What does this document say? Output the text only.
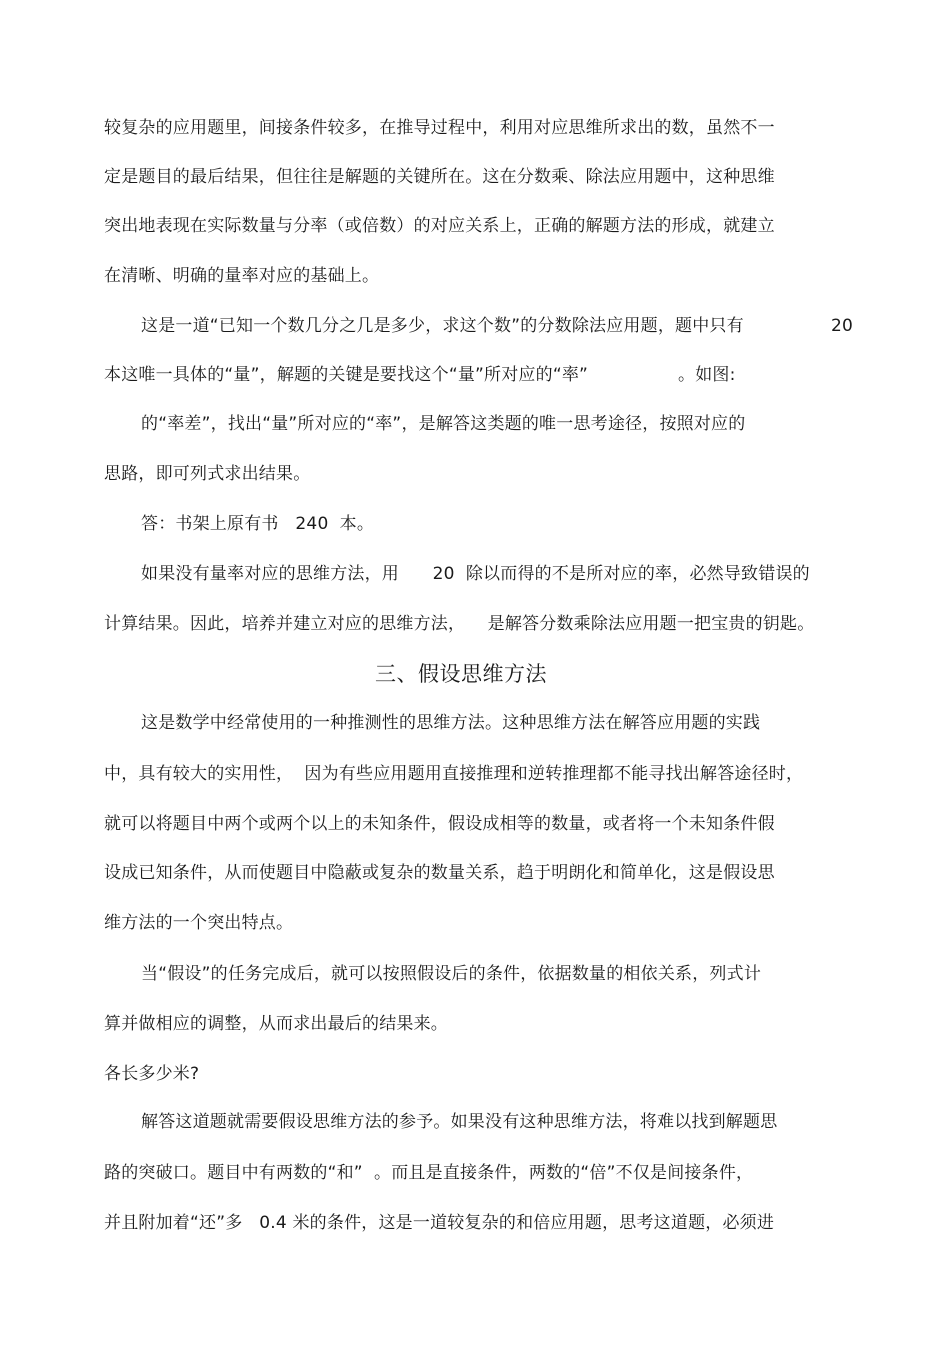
较复杂的应用题里，间接条件较多，在推导过程中，利用对应思维所求出的数，虽然不一
定是题目的最后结果，但往往是解题的关键所在。这在分数乘、除法应用题中，这种思维
突出地表现在实际数量与分率（或倍数）的对应关系上，正确的解题方法的形成，就建立
在清晰、明确的量率对应的基础上。
这是一道“已知一个数几分之几是多少，求这个数”的分数除法应用题，题中只有	20
本这唯一具体的“量”，解题的关键是要找这个“量”所对应的“率”	。如图:
的“率差”，找出“量”所对应的“率”，是解答这类题的唯一思考途径，按照对应的
思路，即可列式求出结果。
答：书架上原有书   240  本。
如果没有量率对应的思维方法，用      20  除以而得的不是所对应的率，必然导致错误的
计算结果。因此，培养并建立对应的思维方法，    是解答分数乘除法应用题一把宝贵的钥匙。
三、假设思维方法
这是数学中经常使用的一种推测性的思维方法。这种思维方法在解答应用题的实践
中，具有较大的实用性，  因为有些应用题用直接推理和逆转推理都不能寻找出解答途径时，
就可以将题目中两个或两个以上的未知条件，假设成相等的数量，或者将一个未知条件假
设成已知条件，从而使题目中隐蔽或复杂的数量关系，趋于明朗化和简单化，这是假设思
维方法的一个突出特点。
当“假设”的任务完成后，就可以按照假设后的条件，依据数量的相依关系，列式计
算并做相应的调整，从而求出最后的结果来。
各长多少米?
解答这道题就需要假设思维方法的参予。如果没有这种思维方法，将难以找到解题思
路的突破口。题目中有两数的“和”  。而且是直接条件，两数的“倍”不仅是间接条件，
并且附加着“还”多   0.4 米的条件，这是一道较复杂的和倍应用题，思考这道题，必须进
